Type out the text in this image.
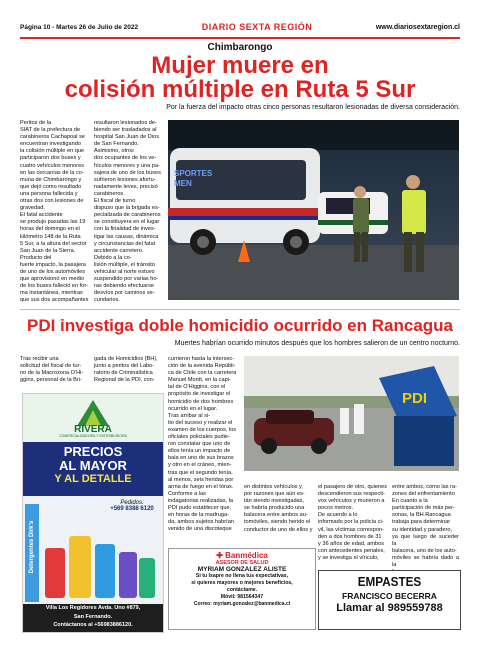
Página 10 - Martes 26 de Julio de 2022	DIARIO SEXTA REGIÓN	www.diariosextaregion.cl
Chimbarongo
Mujer muere en
colisión múltiple en Ruta 5 Sur
Por la fuerza del impacto otras cinco personas resultaron lesionadas de diversa consideración.
Peritos de la
SIAT de la prefectura de
carabineros Cachapoal se
encuentran investigando
la colisión múltiple en que
participaron dos buses y
cuatro vehículos menores
en las cercanías de la co-
muna de Chimbarongo y
que dejó como resultado
una persona fallecida y
otras dos con lesiones de
gravedad.
El fatal accidente
se produjo pasadas las 19
horas del domingo en el
kilómetro 148 de la Ruta
5 Sur, a la altura del sector
San Juan de la Sierra.
Producto del
fuerte impacto, la pasajera
de uno de los automóviles
que aprovisionó en medio
de los buses falleció en for-
ma instantánea, mientras
que sus dos acompañantes
resultaron lesionados de-
biendo ser trasladados al
hospital San Juan de Dios
de San Fernando.
Asimismo, otros
dos ocupantes de los ve-
hículos menores y una pa-
sajera de uno de los buses
sufrieron lesiones afortu-
nadamente leves, precisó
carabineros.
El fiscal de turno
dispuso que la brigada es-
pecializada de carabineros
se constituyera en el lugar
con la finalidad de inves-
tigar las causas, dinámica
y circunstancias del fatal
accidente carretero.
Debido a la co-
lisión múltiple, el tránsito
vehicular al norte estuvo
suspendido por varias ho-
ras debiendo efectuarse
desvíos por caminos se-
cundarios.
SPORTES
MEN
PDI investiga doble homicidio ocurrido en Rancagua
Muertes habrían ocurrido minutos después que los hombres salieron de un centro nocturno.
Tras recibir una
solicitud del fiscal de tur-
no de la Macrozona O'Hi-
ggins, personal de la Bri-
gada de Homicidios (BH),
junto a peritos del Labo-
ratorio de Criminalística
Regional de la PDI, con-
currieron hasta la intersec-
ción de la avenida Repúbli-
ca de Chile con la carretera
Manuel Montt, en la capi-
tal de O'Higgins, con el
propósito de investigar el
homicidio de dos hombres
ocurrido en el lugar.
Tras arribar al si-
tio del suceso y realizar el
examen de los cuerpos, los
oficiales policiales pudie-
ron constatar que uno de
ellos tenía un impacto de
bala en uno de sus brazos
y otro en el cráneo, mien-
tras que el segundo tenía,
al menos, seis heridas por
arma de fuego en el tórax.
Conforme a las
indagatorias realizadas, la
PDI pudo establecer que,
en horas de la madruga-
da, ambos sujetos habrían
venido de una discoteque
PDI
en distintos vehículos y,
por razones que aún es-
tán siendo investigadas,
se habría producido una
balacera entre ambos au-
tomóviles, siendo herido el
conductor de uno de ellos y
el pasajero de otro, quienes
descendieron sus respecti-
vos vehículos y murieron a
pocos metros.
De acuerdo a lo
informado por la policía ci-
vil, las víctimas correspon-
den a dos hombres de 31
y 36 años de edad, ambos
con antecedentes penales,
y se investiga el vínculo,
entre ambos, como las ra-
zones del enfrentamiento
En cuanto a la
participación de más per-
sonas, la BH Rancagua
trabaja para determinar
su identidad y paradero,
ya que luego de suceder la
balacera, uno de los auto-
móviles se habría dado a la

RIVERA
COMERCIALIZADORA Y DISTRIBUIDORA
PRECIOS
AL MAYOR
Y AL DETALLE
Pedidos:
+569 8388 6120
Detergentes Dirk's
Villa Los Regidores Avda. Uno #879,
San Fernando.
Contáctanos al +56983886120.
✚ Banmédica
ASESOR DE SALUD
MYRIAM GONZALEZ ALISTE
Si tu Isapre no llena tus expectativas,
si quieres mayores o mejores beneficios,
contáctame.
Móvil: 981564347
Correo: myriam.gonzalez@banmedica.cl
EMPASTES
FRANCISCO BECERRA
Llamar al 989559788
